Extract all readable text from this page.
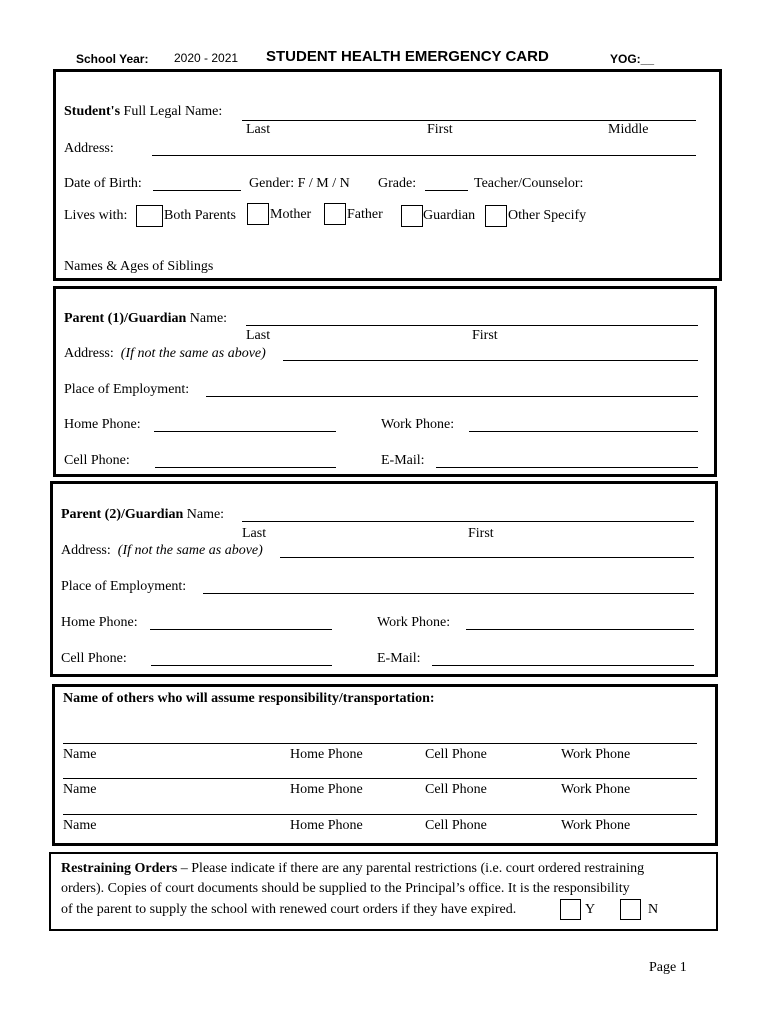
School Year: 2020 - 2021 STUDENT HEALTH EMERGENCY CARD	YOG:__
Student's Full Legal Name:
Last	First	Middle
Address:
Date of Birth:	Gender: F / M / N Grade:	Teacher/Counselor:
Lives with:	Both Parents Mother	Father	Guardian Other Specify
Names & Ages of Siblings
Parent (1)/Guardian Name:
Last	First
Address: (If not the same as above)
Place of Employment:
Home Phone:	Work Phone:
Cell Phone:	E-Mail:
Parent (2)/Guardian Name:
Last	First
Address: (If not the same as above)
Place of Employment:
Home Phone:	Work Phone:
Cell Phone:	E-Mail:
Name of others who will assume responsibility/transportation:
Name	Home Phone	Cell Phone	Work Phone
Name	Home Phone	Cell Phone	Work Phone
Name	Home Phone	Cell Phone	Work Phone
Restraining Orders – Please indicate if there are any parental restrictions (i.e. court ordered restraining
orders). Copies of court documents should be supplied to the Principal’s office. It is the responsibility
of the parent to supply the school with renewed court orders if they have expired.	Y	N
Page 1
